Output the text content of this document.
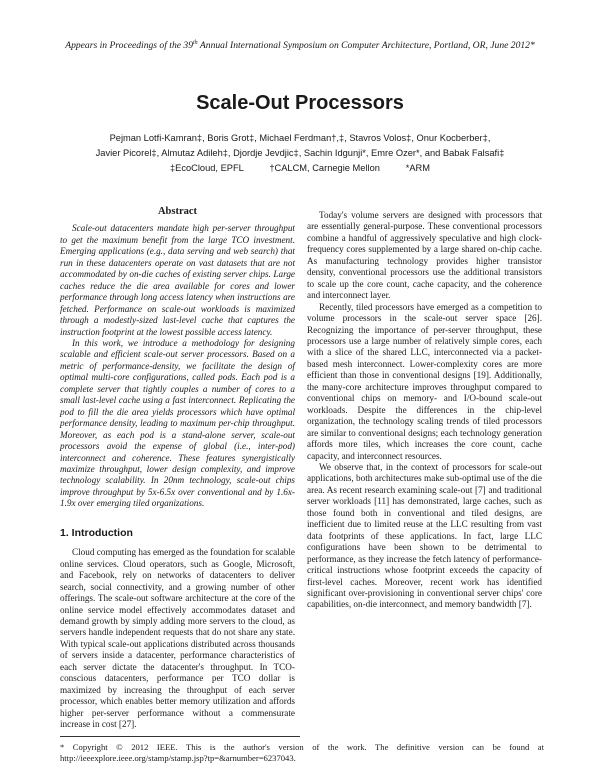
Appears in Proceedings of the 39th Annual International Symposium on Computer Architecture, Portland, OR, June 2012*
Scale-Out Processors
Pejman Lotfi-Kamran‡, Boris Grot‡, Michael Ferdman†,‡, Stavros Volos‡, Onur Kocberber‡,
Javier Picorel‡, Almutaz Adileh‡, Djordje Jevdjic‡, Sachin Idgunji*, Emre Ozer*, and Babak Falsafi‡
‡EcoCloud, EPFL          †CALCM, Carnegie Mellon          *ARM
Abstract

Scale-out datacenters mandate high per-server throughput to get the maximum benefit from the large TCO investment. Emerging applications (e.g., data serving and web search) that run in these datacenters operate on vast datasets that are not accommodated by on-die caches of existing server chips. Large caches reduce the die area available for cores and lower performance through long access latency when instructions are fetched. Performance on scale-out workloads is maximized through a modestly-sized last-level cache that captures the instruction footprint at the lowest possible access latency.

In this work, we introduce a methodology for designing scalable and efficient scale-out server processors. Based on a metric of performance-density, we facilitate the design of optimal multi-core configurations, called pods. Each pod is a complete server that tightly couples a number of cores to a small last-level cache using a fast interconnect. Replicating the pod to fill the die area yields processors which have optimal performance density, leading to maximum per-chip throughput. Moreover, as each pod is a stand-alone server, scale-out processors avoid the expense of global (i.e., inter-pod) interconnect and coherence. These features synergistically maximize throughput, lower design complexity, and improve technology scalability. In 20nm technology, scale-out chips improve throughput by 5x-6.5x over conventional and by 1.6x-1.9x over emerging tiled organizations.

1. Introduction

Cloud computing has emerged as the foundation for scalable online services. Cloud operators, such as Google, Microsoft, and Facebook, rely on networks of datacenters to deliver search, social connectivity, and a growing number of other offerings. The scale-out software architecture at the core of the online service model effectively accommodates dataset and demand growth by simply adding more servers to the cloud, as servers handle independent requests that do not share any state. With typical scale-out applications distributed across thousands of servers inside a datacenter, performance characteristics of each server dictate the datacenter's throughput. In TCO-conscious datacenters, performance per TCO dollar is maximized by increasing the throughput of each server processor, which enables better memory utilization and affords higher per-server performance without a commensurate increase in cost [27].

Today's volume servers are designed with processors that are essentially general-purpose. These conventional processors combine a handful of aggressively speculative and high clock-frequency cores supplemented by a large shared on-chip cache. As manufacturing technology provides higher transistor density, conventional processors use the additional transistors to scale up the core count, cache capacity, and the coherence and interconnect layer.

Recently, tiled processors have emerged as a competition to volume processors in the scale-out server space [26]. Recognizing the importance of per-server throughput, these processors use a large number of relatively simple cores, each with a slice of the shared LLC, interconnected via a packet-based mesh interconnect. Lower-complexity cores are more efficient than those in conventional designs [19]. Additionally, the many-core architecture improves throughput compared to conventional chips on memory- and I/O-bound scale-out workloads. Despite the differences in the chip-level organization, the technology scaling trends of tiled processors are similar to conventional designs; each technology generation affords more tiles, which increases the core count, cache capacity, and interconnect resources.

We observe that, in the context of processors for scale-out applications, both architectures make sub-optimal use of the die area. As recent research examining scale-out [7] and traditional server workloads [11] has demonstrated, large caches, such as those found both in conventional and tiled designs, are inefficient due to limited reuse at the LLC resulting from vast data footprints of these applications. In fact, large LLC configurations have been shown to be detrimental to performance, as they increase the fetch latency of performance-critical instructions whose footprint exceeds the capacity of first-level caches. Moreover, recent work has identified significant over-provisioning in conventional server chips' core capabilities, on-die interconnect, and memory bandwidth [7].

* Copyright © 2012 IEEE. This is the author's version of the work. The definitive version can be found at http://ieeexplore.ieee.org/stamp/stamp.jsp?tp=&arnumber=6237043.
